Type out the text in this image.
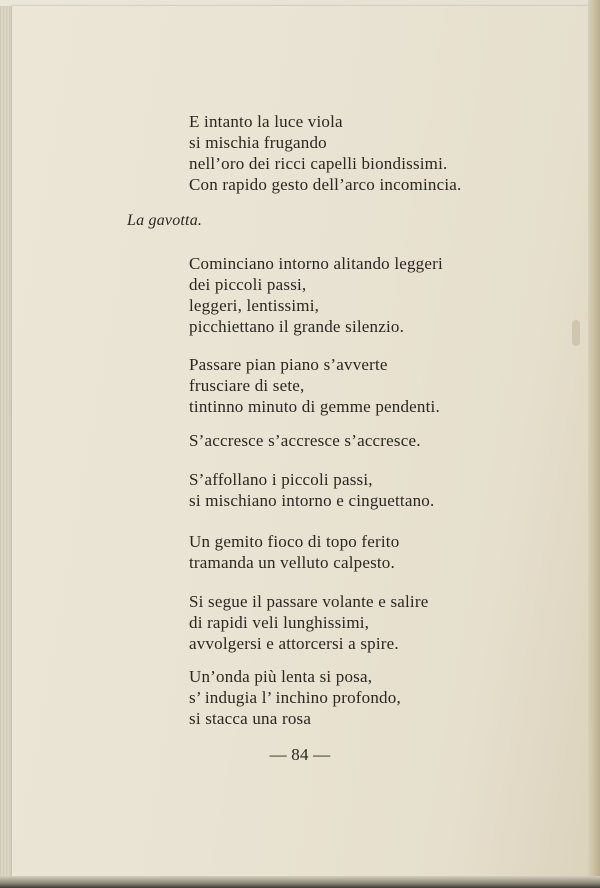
E intanto la luce viola
si mischia frugando
nell’oro dei ricci capelli biondissimi.
Con rapido gesto dell’arco incomincia.
La gavotta.
Cominciano intorno alitando leggeri
dei piccoli passi,
leggeri, lentissimi,
picchiettano il grande silenzio.
Passare pian piano s’avverte
frusciare di sete,
tintinno minuto di gemme pendenti.
S’accresce s’accresce s’accresce.
S’affollano i piccoli passi,
si mischiano intorno e cinguettano.
Un gemito fioco di topo ferito
tramanda un velluto calpesto.
Si segue il passare volante e salire
di rapidi veli lunghissimi,
avvolgersi e attorcersi a spire.
Un’onda più lenta si posa,
s’ indugia l’ inchino profondo,
si stacca una rosa
— 84 —
